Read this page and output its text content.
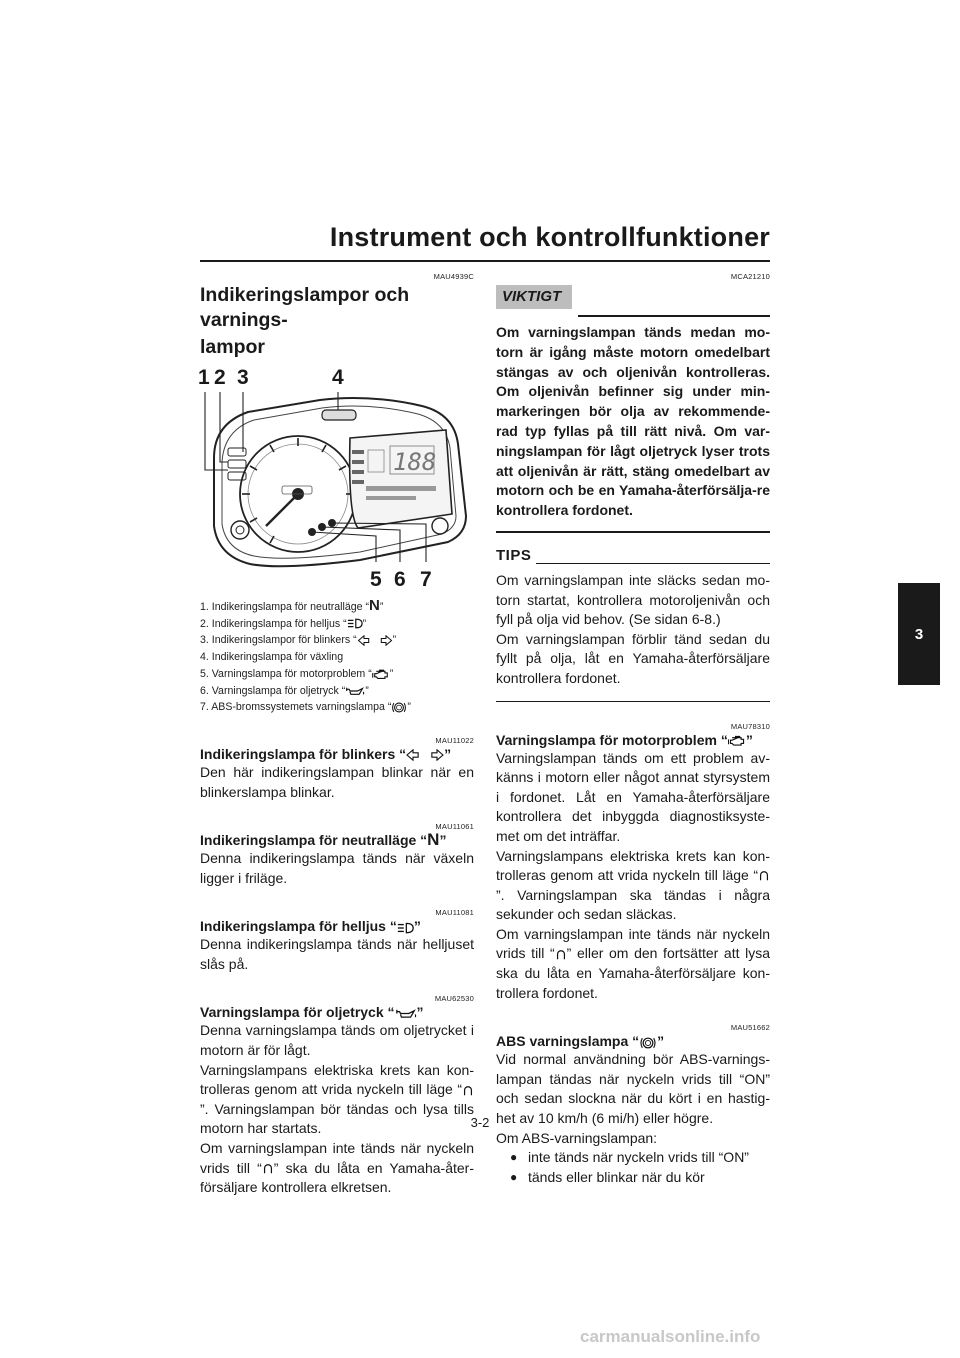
Instrument och kontrollfunktioner
3
MAU4939C
Indikeringslampor och varnings-
lampor
188
1 2 3	4
5 6 7
1. Indikeringslampa för neutralläge “N”
2. Indikeringslampa för helljus “ ”
3. Indikeringslampor för blinkers “	”
4. Indikeringslampa för växling
5. Varningslampa för motorproblem “ ”
6. Varningslampa för oljetryck “ ”
7. ABS-bromssystemets varningslampa “ ”
MAU11022
Indikeringslampa för blinkers “	”

Den här indikeringslampan blinkar när en blinkerslampa blinkar.

MAU11061
Indikeringslampa för neutralläge “N”

Denna indikeringslampa tänds när växeln ligger i friläge.

MAU11081
Indikeringslampa för helljus “ ”

Denna indikeringslampa tänds när helljuset slås på.

MAU62530
Varningslampa för oljetryck “ ”

Denna varningslampa tänds om oljetrycket i motorn är för lågt.

Varningslampans elektriska krets kan kon-trolleras genom att vrida nyckeln till läge “”. Varningslampan bör tändas och lysa tills motorn har startats.

Om varningslampan inte tänds när nyckeln vrids till “ ” ska du låta en Yamaha-åter-försäljare kontrollera elkretsen.

MCA21210
VIKTIGT

Om varningslampan tänds medan mo-torn är igång måste motorn omedelbart stängas av och oljenivån kontrolleras. Om oljenivån befinner sig under min-markeringen bör olja av rekommende-rad typ fyllas på till rätt nivå. Om var-ningslampan för lågt oljetryck lyser trots att oljenivån är rätt, stäng omedelbart av motorn och be en Yamaha-återförsälja-re kontrollera fordonet.

TIPS

Om varningslampan inte släcks sedan mo-torn startat, kontrollera motoroljenivån och fyll på olja vid behov. (Se sidan 6-8.)

Om varningslampan förblir tänd sedan du fyllt på olja, låt en Yamaha-återförsäljare kontrollera fordonet.

MAU78310
Varningslampa för motorproblem “ ”

Varningslampan tänds om ett problem av-känns i motorn eller något annat styrsystem i fordonet. Låt en Yamaha-återförsäljare kontrollera det inbyggda diagnostiksyste-met om det inträffar.

Varningslampans elektriska krets kan kon-trolleras genom att vrida nyckeln till läge “”. Varningslampan ska tändas i några sekunder och sedan släckas.

Om varningslampan inte tänds när nyckeln vrids till “ ” eller om den fortsätter att lysa ska du låta en Yamaha-återförsäljare kon-trollera fordonet.

MAU51662
ABS varningslampa “ ”

Vid normal användning bör ABS-varnings-lampan tändas när nyckeln vrids till “ON” och sedan slockna när du kört i en hastig-het av 10 km/h (6 mi/h) eller högre.

Om ABS-varningslampan:

● inte tänds när nyckeln vrids till “ON”
● tänds eller blinkar när du kör
3-2
carmanualsonline.info
